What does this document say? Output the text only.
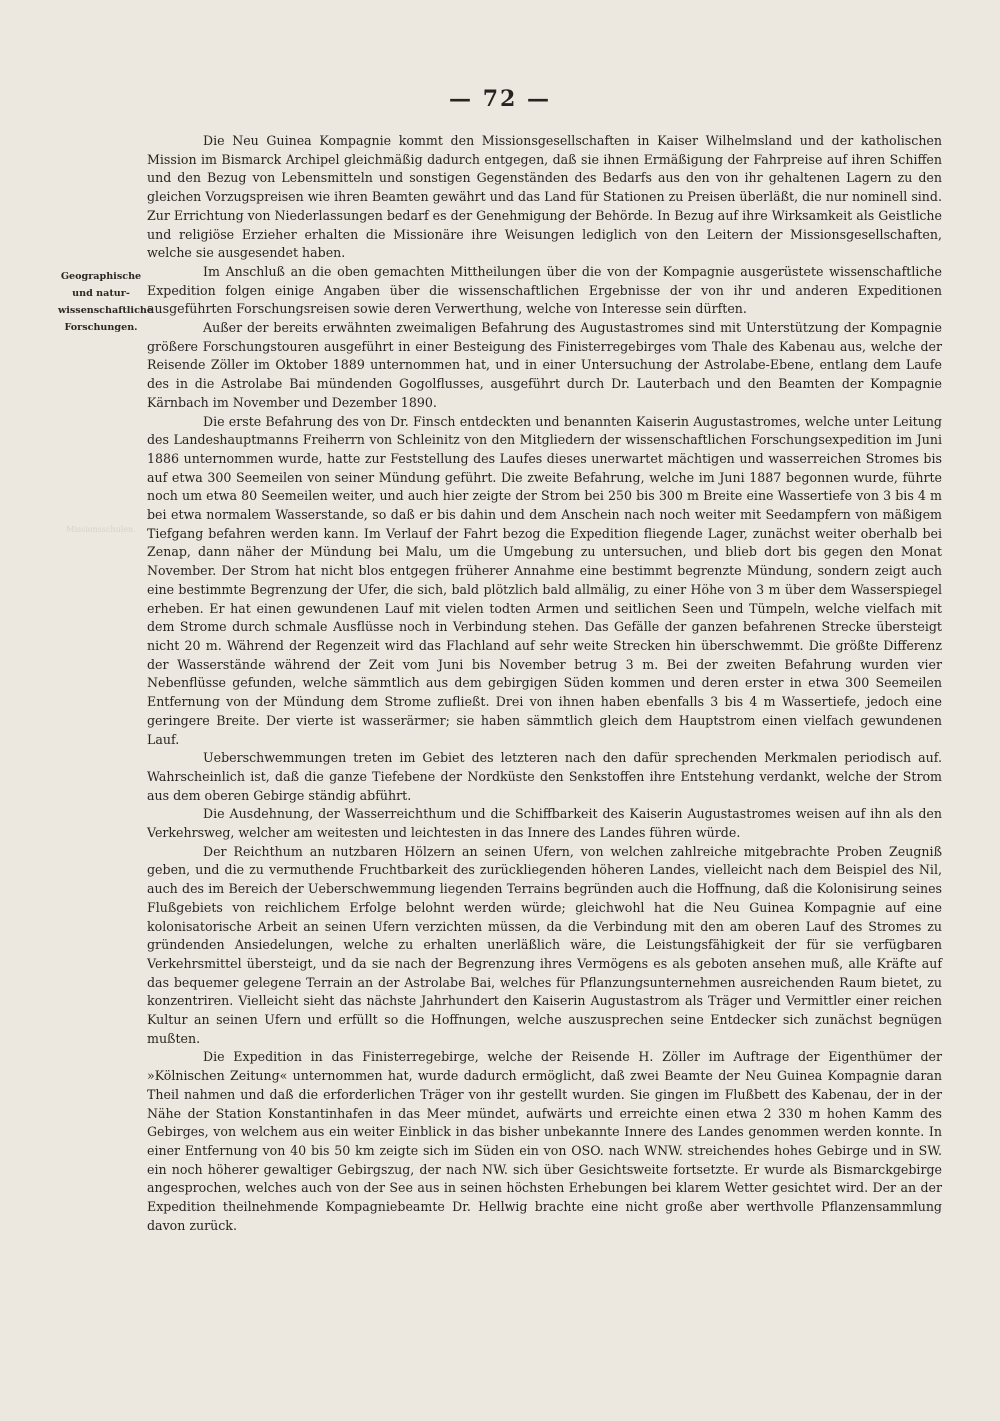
— 72 —
Geographische
und natur-
wissenschaftliche
Forschungen.
Missionsschulen.

Die Neu Guinea Kompagnie kommt den Missionsgesellschaften in Kaiser Wilhelmsland und der katholischen Mission im Bismarck Archipel gleichmäßig dadurch entgegen, daß sie ihnen Ermäßigung der Fahrpreise auf ihren Schiffen und den Bezug von Lebensmitteln und sonstigen Gegenständen des Bedarfs aus den von ihr gehaltenen Lagern zu den gleichen Vorzugspreisen wie ihren Beamten gewährt und das Land für Stationen zu Preisen überläßt, die nur nominell sind. Zur Errichtung von Niederlassungen bedarf es der Genehmigung der Behörde. In Bezug auf ihre Wirksamkeit als Geistliche und religiöse Erzieher erhalten die Missionäre ihre Weisungen lediglich von den Leitern der Missionsgesellschaften, welche sie ausgesendet haben.

Im Anschluß an die oben gemachten Mittheilungen über die von der Kompagnie ausgerüstete wissenschaftliche Expedition folgen einige Angaben über die wissenschaftlichen Ergebnisse der von ihr und anderen Expeditionen ausgeführten Forschungsreisen sowie deren Verwerthung, welche von Interesse sein dürften.

Außer der bereits erwähnten zweimaligen Befahrung des Augustastromes sind mit Unterstützung der Kompagnie größere Forschungstouren ausgeführt in einer Besteigung des Finisterregebirges vom Thale des Kabenau aus, welche der Reisende Zöller im Oktober 1889 unternommen hat, und in einer Untersuchung der Astrolabe-Ebene, entlang dem Laufe des in die Astrolabe Bai mündenden Gogolflusses, ausgeführt durch Dr. Lauterbach und den Beamten der Kompagnie Kärnbach im November und Dezember 1890.

Die erste Befahrung des von Dr. Finsch entdeckten und benannten Kaiserin Augustastromes, welche unter Leitung des Landeshauptmanns Freiherrn von Schleinitz von den Mitgliedern der wissenschaftlichen Forschungsexpedition im Juni 1886 unternommen wurde, hatte zur Feststellung des Laufes dieses unerwartet mächtigen und wasserreichen Stromes bis auf etwa 300 Seemeilen von seiner Mündung geführt. Die zweite Befahrung, welche im Juni 1887 begonnen wurde, führte noch um etwa 80 Seemeilen weiter, und auch hier zeigte der Strom bei 250 bis 300 m Breite eine Wassertiefe von 3 bis 4 m bei etwa normalem Wasserstande, so daß er bis dahin und dem Anschein nach noch weiter mit Seedampfern von mäßigem Tiefgang befahren werden kann. Im Verlauf der Fahrt bezog die Expedition fliegende Lager, zunächst weiter oberhalb bei Zenap, dann näher der Mündung bei Malu, um die Umgebung zu untersuchen, und blieb dort bis gegen den Monat November. Der Strom hat nicht blos entgegen früherer Annahme eine bestimmt begrenzte Mündung, sondern zeigt auch eine bestimmte Begrenzung der Ufer, die sich, bald plötzlich bald allmälig, zu einer Höhe von 3 m über dem Wasserspiegel erheben. Er hat einen gewundenen Lauf mit vielen todten Armen und seitlichen Seen und Tümpeln, welche vielfach mit dem Strome durch schmale Ausflüsse noch in Verbindung stehen. Das Gefälle der ganzen befahrenen Strecke übersteigt nicht 20 m. Während der Regenzeit wird das Flachland auf sehr weite Strecken hin überschwemmt. Die größte Differenz der Wasserstände während der Zeit vom Juni bis November betrug 3 m. Bei der zweiten Befahrung wurden vier Nebenflüsse gefunden, welche sämmtlich aus dem gebirgigen Süden kommen und deren erster in etwa 300 Seemeilen Entfernung von der Mündung dem Strome zufließt. Drei von ihnen haben ebenfalls 3 bis 4 m Wassertiefe, jedoch eine geringere Breite. Der vierte ist wasserärmer; sie haben sämmtlich gleich dem Hauptstrom einen vielfach gewundenen Lauf.

Ueberschwemmungen treten im Gebiet des letzteren nach den dafür sprechenden Merkmalen periodisch auf. Wahrscheinlich ist, daß die ganze Tiefebene der Nordküste den Senkstoffen ihre Entstehung verdankt, welche der Strom aus dem oberen Gebirge ständig abführt.

Die Ausdehnung, der Wasserreichthum und die Schiffbarkeit des Kaiserin Augustastromes weisen auf ihn als den Verkehrsweg, welcher am weitesten und leichtesten in das Innere des Landes führen würde.

Der Reichthum an nutzbaren Hölzern an seinen Ufern, von welchen zahlreiche mitgebrachte Proben Zeugniß geben, und die zu vermuthende Fruchtbarkeit des zurückliegenden höheren Landes, vielleicht nach dem Beispiel des Nil, auch des im Bereich der Ueberschwemmung liegenden Terrains begründen auch die Hoffnung, daß die Kolonisirung seines Flußgebiets von reichlichem Erfolge belohnt werden würde; gleichwohl hat die Neu Guinea Kompagnie auf eine kolonisatorische Arbeit an seinen Ufern verzichten müssen, da die Verbindung mit den am oberen Lauf des Stromes zu gründenden Ansiedelungen, welche zu erhalten unerläßlich wäre, die Leistungsfähigkeit der für sie verfügbaren Verkehrsmittel übersteigt, und da sie nach der Begrenzung ihres Vermögens es als geboten ansehen muß, alle Kräfte auf das bequemer gelegene Terrain an der Astrolabe Bai, welches für Pflanzungsunternehmen ausreichenden Raum bietet, zu konzentriren. Vielleicht sieht das nächste Jahrhundert den Kaiserin Augustastrom als Träger und Vermittler einer reichen Kultur an seinen Ufern und erfüllt so die Hoffnungen, welche auszusprechen seine Entdecker sich zunächst begnügen mußten.

Die Expedition in das Finisterregebirge, welche der Reisende H. Zöller im Auftrage der Eigenthümer der »Kölnischen Zeitung« unternommen hat, wurde dadurch ermöglicht, daß zwei Beamte der Neu Guinea Kompagnie daran Theil nahmen und daß die erforderlichen Träger von ihr gestellt wurden. Sie gingen im Flußbett des Kabenau, der in der Nähe der Station Konstantinhafen in das Meer mündet, aufwärts und erreichte einen etwa 2 330 m hohen Kamm des Gebirges, von welchem aus ein weiter Einblick in das bisher unbekannte Innere des Landes genommen werden konnte. In einer Entfernung von 40 bis 50 km zeigte sich im Süden ein von OSO. nach WNW. streichendes hohes Gebirge und in SW. ein noch höherer gewaltiger Gebirgszug, der nach NW. sich über Gesichtsweite fortsetzte. Er wurde als Bismarckgebirge angesprochen, welches auch von der See aus in seinen höchsten Erhebungen bei klarem Wetter gesichtet wird. Der an der Expedition theilnehmende Kompagniebeamte Dr. Hellwig brachte eine nicht große aber werthvolle Pflanzensammlung davon zurück.
